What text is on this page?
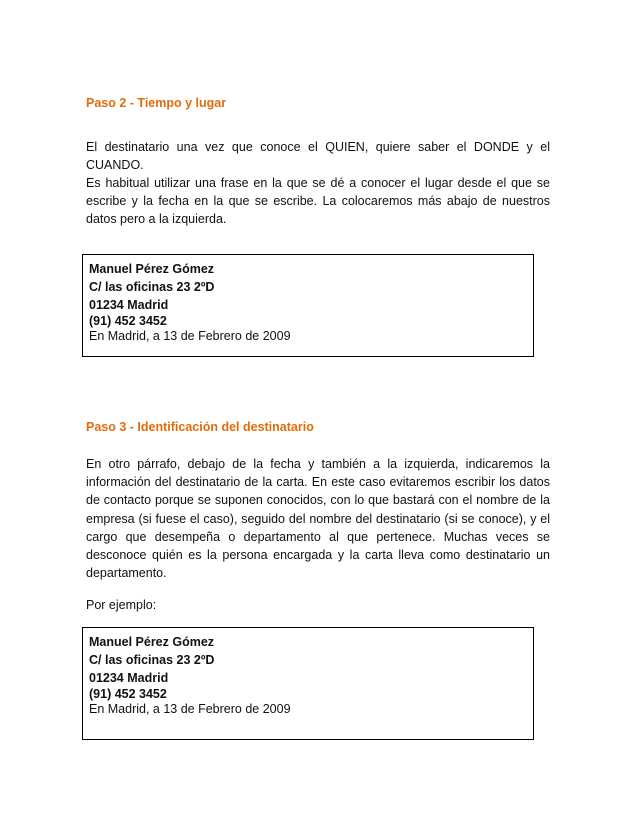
Paso 2 - Tiempo y lugar

El destinatario una vez que conoce el QUIEN, quiere saber el DONDE y el CUANDO.

Es habitual utilizar una frase en la que se dé a conocer el lugar desde el que se escribe y la fecha en la que se escribe. La colocaremos más abajo de nuestros datos pero a la izquierda.

Manuel Pérez Gómez
C/ las oficinas 23 2ºD
01234 Madrid
(91) 452 3452
En Madrid, a 13 de Febrero de 2009

Paso 3 - Identificación del destinatario

En otro párrafo, debajo de la fecha y también a la izquierda, indicaremos la información del destinatario de la carta. En este caso evitaremos escribir los datos de contacto porque se suponen conocidos, con lo que bastará con el nombre de la empresa (si fuese el caso), seguido del nombre del destinatario (si se conoce), y el cargo que desempeña o departamento al que pertenece. Muchas veces se desconoce quién es la persona encargada y la carta lleva como destinatario un departamento.

Por ejemplo:

Manuel Pérez Gómez
C/ las oficinas 23 2ºD
01234 Madrid
(91) 452 3452
En Madrid, a 13 de Febrero de 2009
